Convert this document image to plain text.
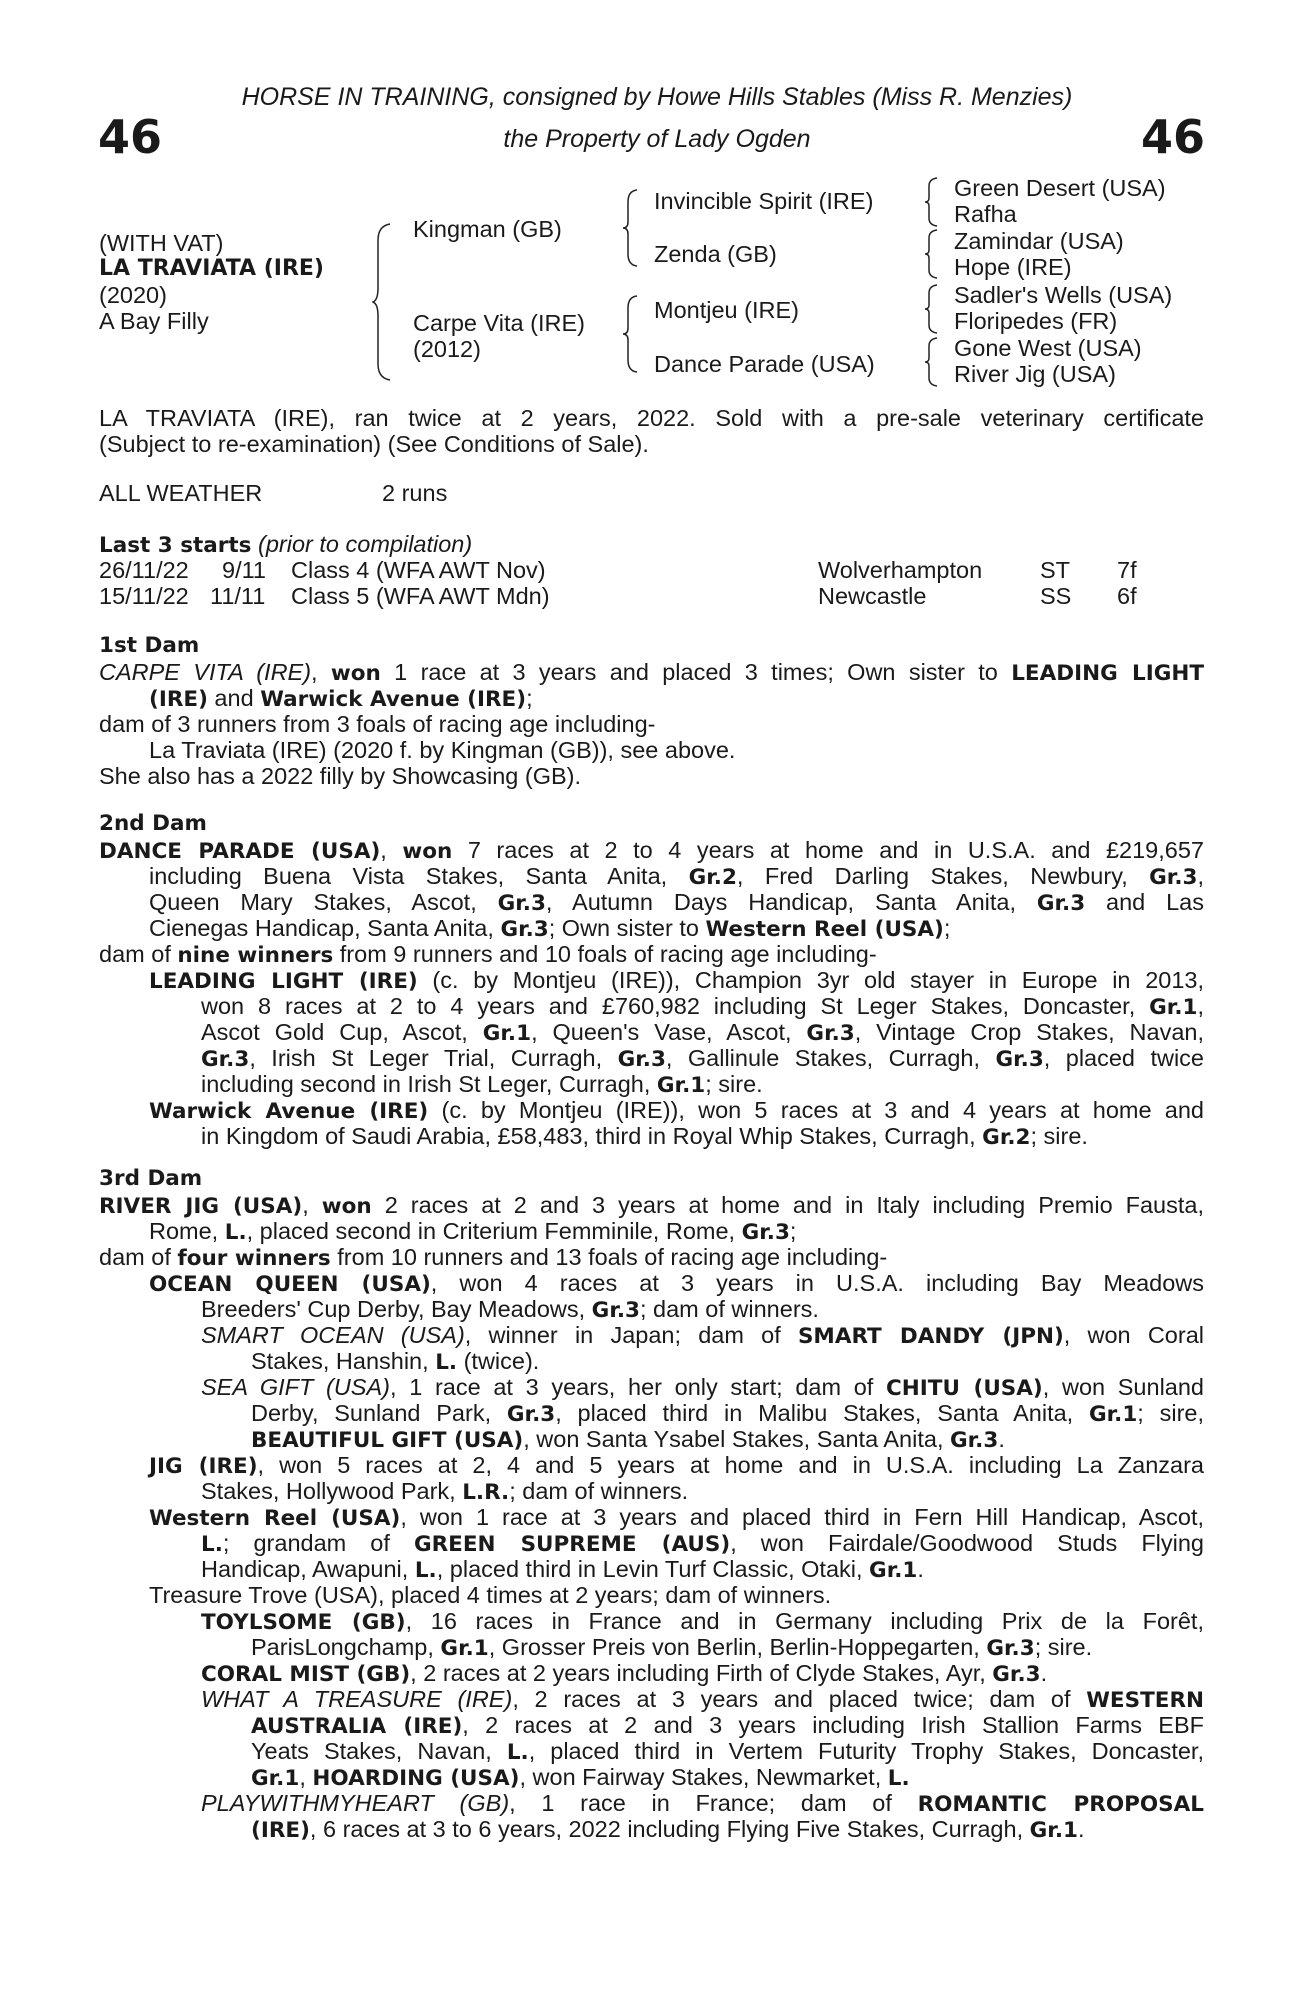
HORSE IN TRAINING, consigned by Howe Hills Stables (Miss R. Menzies)
the Property of Lady Ogden
46	46
(WITH VAT)
LA TRAVIATA (IRE)
(2020)
A Bay Filly
Kingman (GB)
Carpe Vita (IRE)
(2012)
Invincible Spirit (IRE)
Zenda (GB)
Montjeu (IRE)
Dance Parade (USA)
Green Desert (USA)
Rafha
Zamindar (USA)
Hope (IRE)
Sadler's Wells (USA)
Floripedes (FR)
Gone West (USA)
River Jig (USA)
LA TRAVIATA (IRE), ran twice at 2 years, 2022. Sold with a pre-sale veterinary certificate
(Subject to re-examination) (See Conditions of Sale).
ALL WEATHER	2 runs
Last 3 starts (prior to compilation)
26/11/22 9/11 Class 4 (WFA AWT Nov)	Wolverhampton ST 7f
15/11/22 11/11 Class 5 (WFA AWT Mdn)	Newcastle	SS 6f
1st Dam
CARPE VITA (IRE), won 1 race at 3 years and placed 3 times; Own sister to LEADING LIGHT
(IRE) and Warwick Avenue (IRE);
dam of 3 runners from 3 foals of racing age including-
La Traviata (IRE) (2020 f. by Kingman (GB)), see above.
She also has a 2022 filly by Showcasing (GB).
2nd Dam
DANCE PARADE (USA), won 7 races at 2 to 4 years at home and in U.S.A. and £219,657
including Buena Vista Stakes, Santa Anita, Gr.2, Fred Darling Stakes, Newbury, Gr.3,
Queen Mary Stakes, Ascot, Gr.3, Autumn Days Handicap, Santa Anita, Gr.3 and Las
Cienegas Handicap, Santa Anita, Gr.3; Own sister to Western Reel (USA);
dam of nine winners from 9 runners and 10 foals of racing age including-
LEADING LIGHT (IRE) (c. by Montjeu (IRE)), Champion 3yr old stayer in Europe in 2013,
won 8 races at 2 to 4 years and £760,982 including St Leger Stakes, Doncaster, Gr.1,
Ascot Gold Cup, Ascot, Gr.1, Queen's Vase, Ascot, Gr.3, Vintage Crop Stakes, Navan,
Gr.3, Irish St Leger Trial, Curragh, Gr.3, Gallinule Stakes, Curragh, Gr.3, placed twice
including second in Irish St Leger, Curragh, Gr.1; sire.
Warwick Avenue (IRE) (c. by Montjeu (IRE)), won 5 races at 3 and 4 years at home and
in Kingdom of Saudi Arabia, £58,483, third in Royal Whip Stakes, Curragh, Gr.2; sire.
3rd Dam
RIVER JIG (USA), won 2 races at 2 and 3 years at home and in Italy including Premio Fausta,
Rome, L., placed second in Criterium Femminile, Rome, Gr.3;
dam of four winners from 10 runners and 13 foals of racing age including-
OCEAN QUEEN (USA), won 4 races at 3 years in U.S.A. including Bay Meadows
Breeders' Cup Derby, Bay Meadows, Gr.3; dam of winners.
SMART OCEAN (USA), winner in Japan; dam of SMART DANDY (JPN), won Coral
Stakes, Hanshin, L. (twice).
SEA GIFT (USA), 1 race at 3 years, her only start; dam of CHITU (USA), won Sunland
Derby, Sunland Park, Gr.3, placed third in Malibu Stakes, Santa Anita, Gr.1; sire,
BEAUTIFUL GIFT (USA), won Santa Ysabel Stakes, Santa Anita, Gr.3.
JIG (IRE), won 5 races at 2, 4 and 5 years at home and in U.S.A. including La Zanzara
Stakes, Hollywood Park, L.R.; dam of winners.
Western Reel (USA), won 1 race at 3 years and placed third in Fern Hill Handicap, Ascot,
L.; grandam of GREEN SUPREME (AUS), won Fairdale/Goodwood Studs Flying
Handicap, Awapuni, L., placed third in Levin Turf Classic, Otaki, Gr.1.
Treasure Trove (USA), placed 4 times at 2 years; dam of winners.
TOYLSOME (GB), 16 races in France and in Germany including Prix de la Forêt,
ParisLongchamp, Gr.1, Grosser Preis von Berlin, Berlin-Hoppegarten, Gr.3; sire.
CORAL MIST (GB), 2 races at 2 years including Firth of Clyde Stakes, Ayr, Gr.3.
WHAT A TREASURE (IRE), 2 races at 3 years and placed twice; dam of WESTERN
AUSTRALIA (IRE), 2 races at 2 and 3 years including Irish Stallion Farms EBF
Yeats Stakes, Navan, L., placed third in Vertem Futurity Trophy Stakes, Doncaster,
Gr.1, HOARDING (USA), won Fairway Stakes, Newmarket, L.
PLAYWITHMYHEART (GB), 1 race in France; dam of ROMANTIC PROPOSAL
(IRE), 6 races at 3 to 6 years, 2022 including Flying Five Stakes, Curragh, Gr.1.
